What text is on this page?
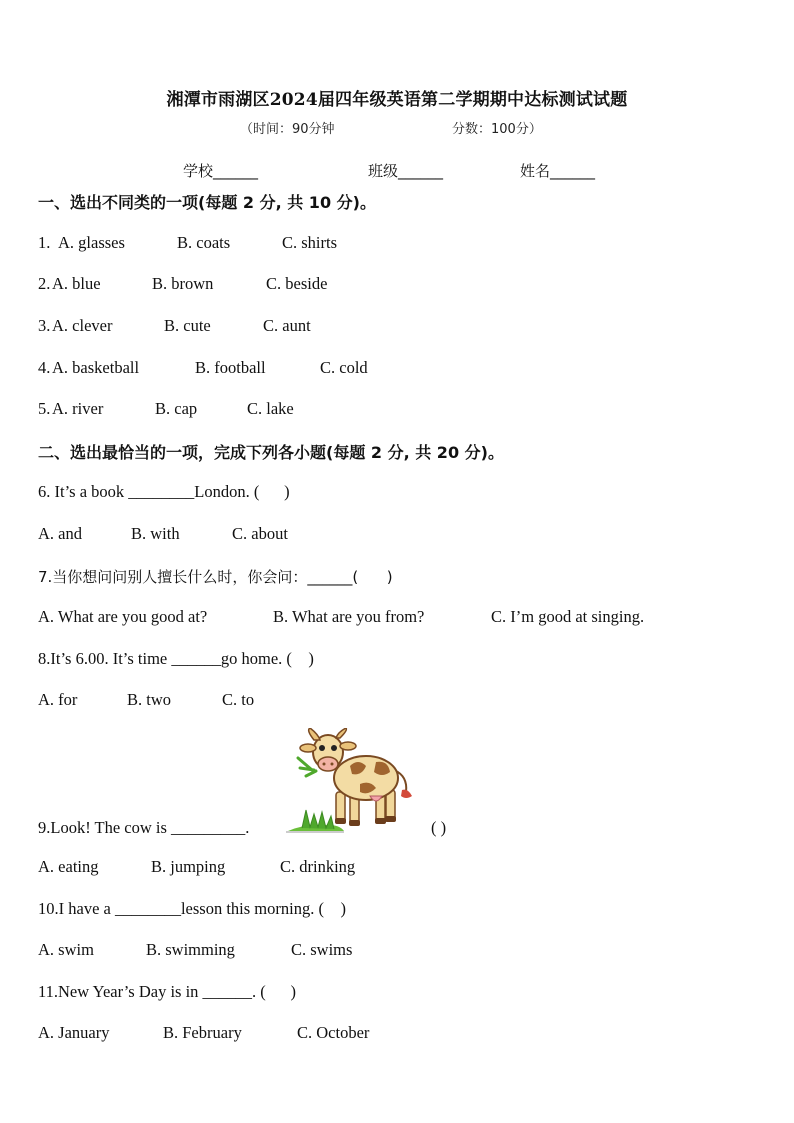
湘潭市雨湖区2024届四年级英语第二学期期中达标测试试题
（时间：90分钟	分数：100分）
学校______	班级______	姓名______
一、选出不同类的一项(每题 2 分, 共 10 分)。
1. A. glasses	B. coats	C. shirts
2. A. blue	B. brown	C. beside
3. A. clever	B. cute	C. aunt
4. A. basketball	B. football	C. cold
5. A. river	B. cap	C. lake
二、选出最恰当的一项，完成下列各小题(每题 2 分, 共 20 分)。
6. It’s a book ________London. (      )
A. and	B. with	C. about
7.当你想问问别人擅长什么时，你会问：______(      )
A. What are you good at?	B. What are you from?	C. I’m good at singing.
8.It’s 6.00. It’s time ______go home. (    )
A. for	B. two	C. to
9.Look! The cow is _________.	( )
A. eating	B. jumping	C. drinking
10.I have a ________lesson this morning. (    )
A. swim	B. swimming	C. swims
11.New Year’s Day is in ______. (      )
A. January	B. February	C. October
